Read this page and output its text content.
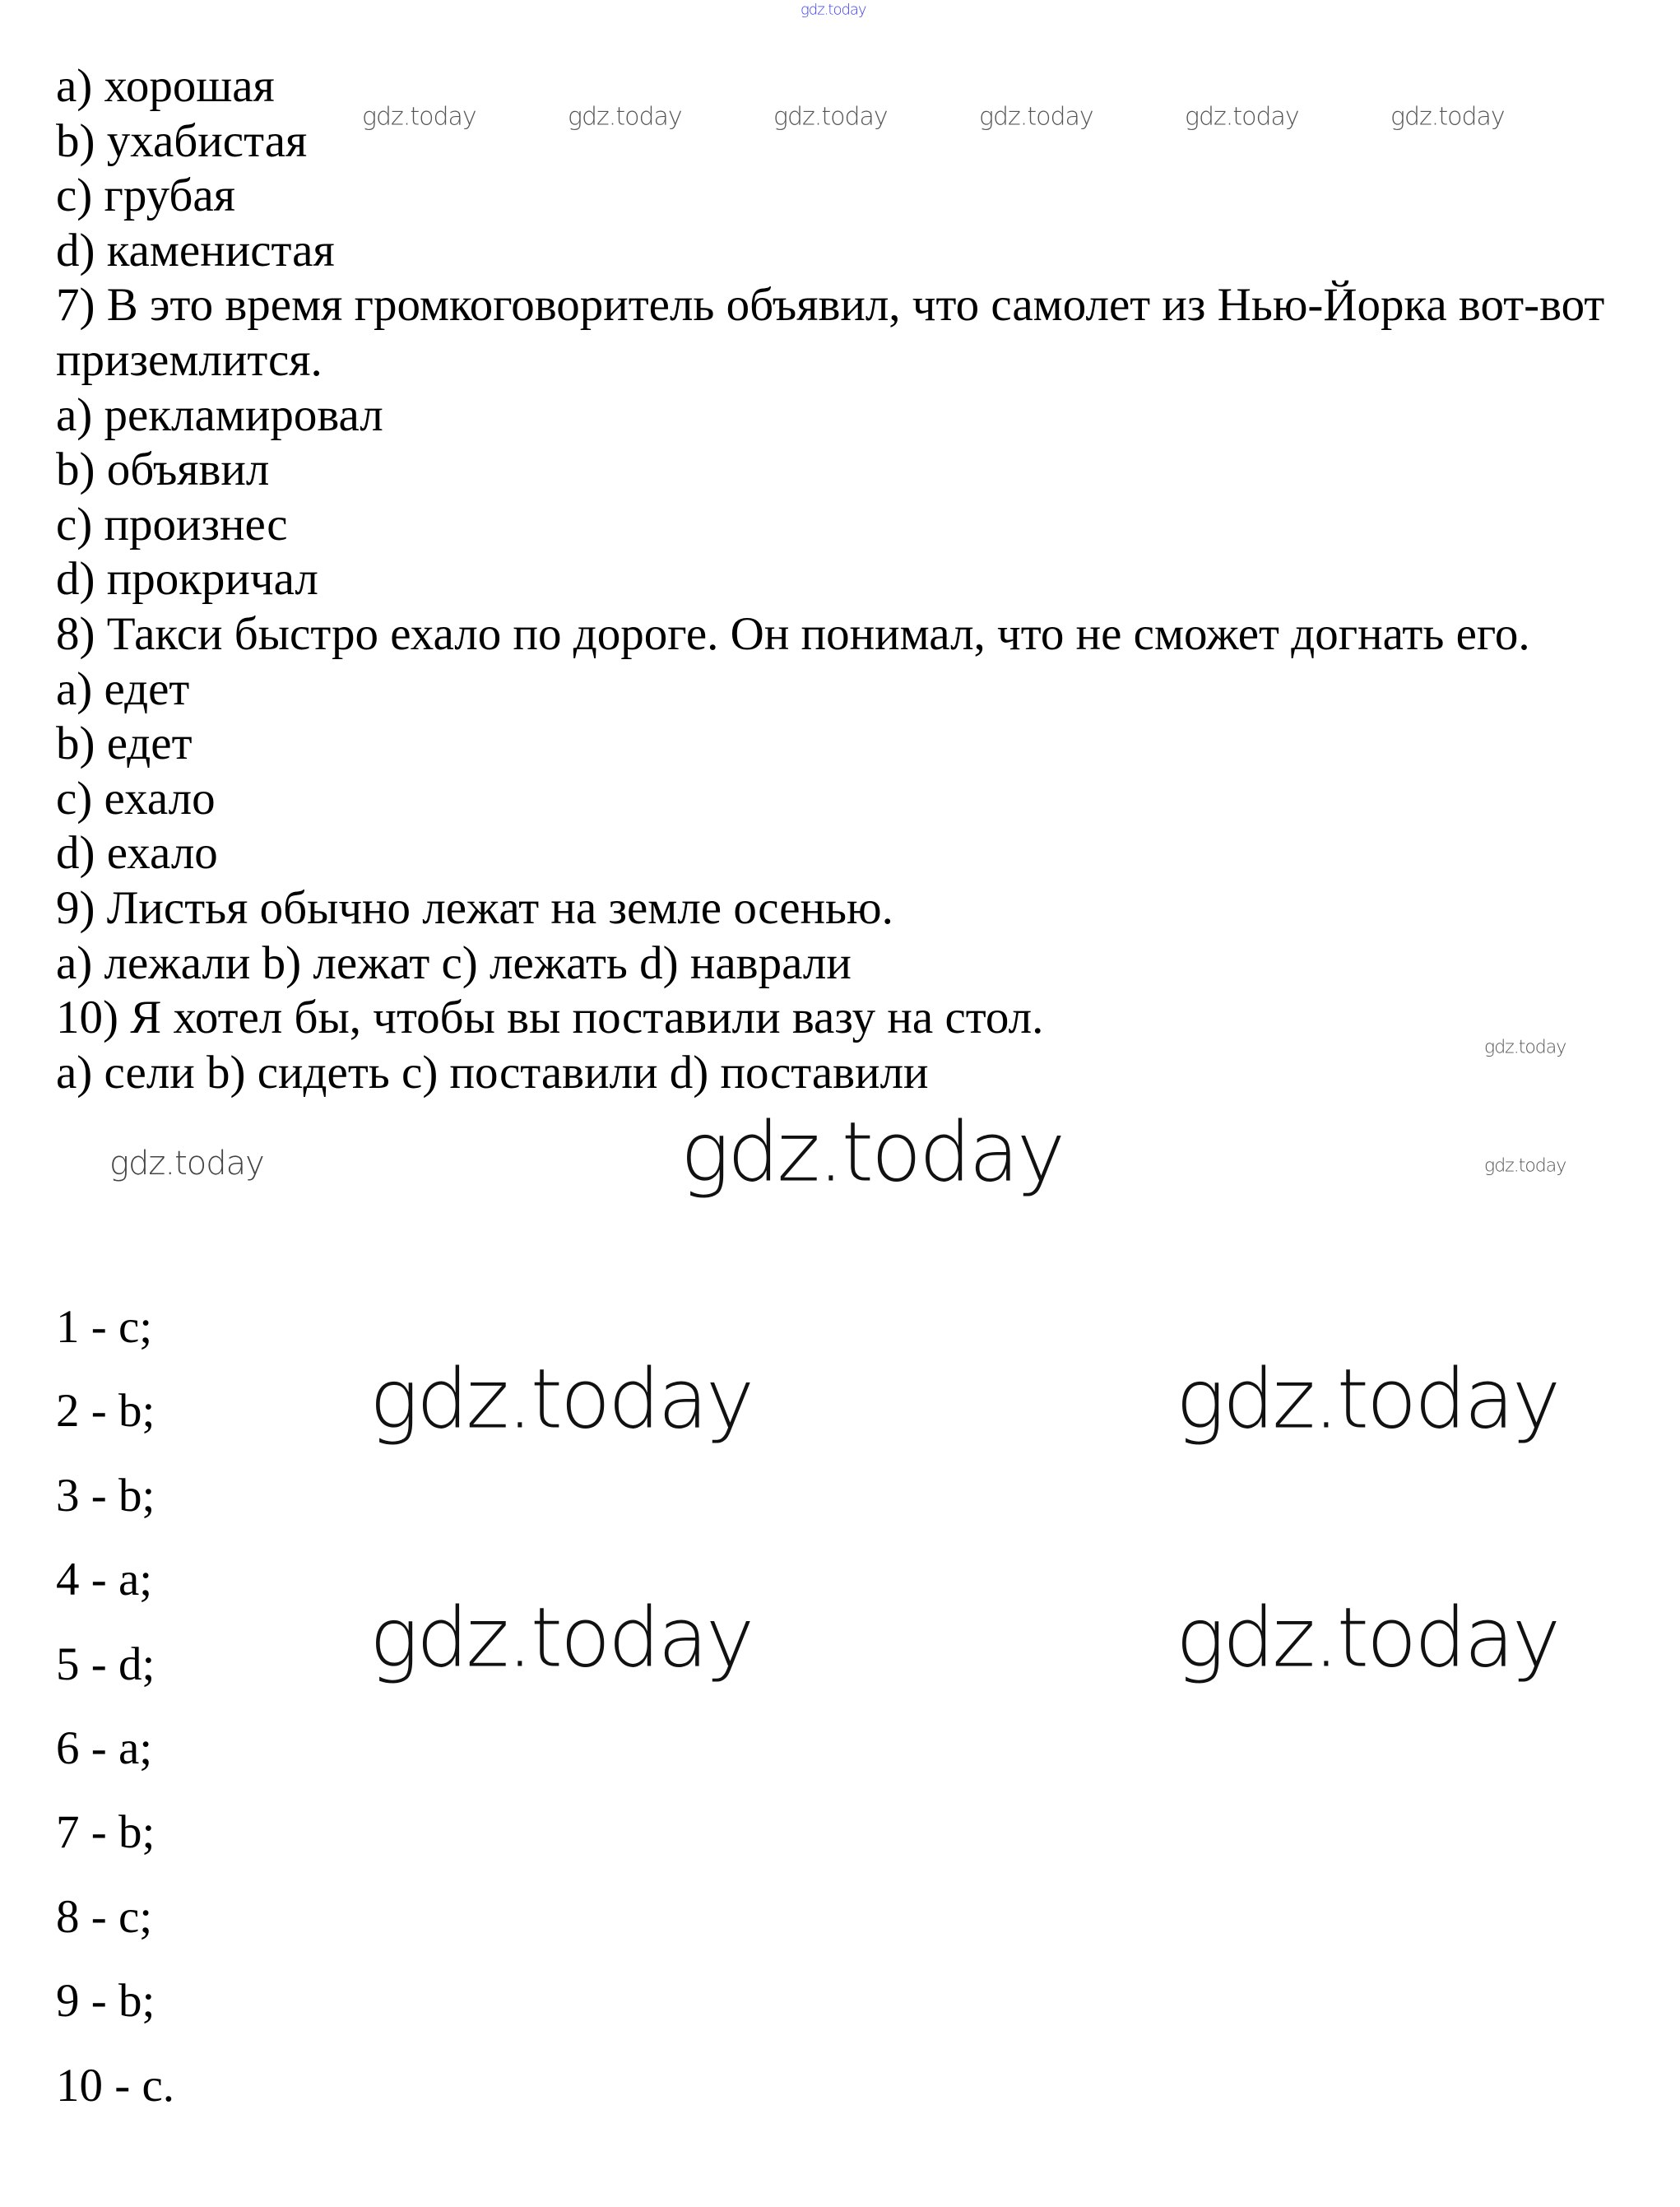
gdz.today
a) хорошая
b) ухабистая
c) грубая
d) каменистая
7) В это время громкоговоритель объявил, что самолет из Нью-Йорка вот-вот
приземлится.
a) рекламировал
b) объявил
c) произнес
d) прокричал
8) Такси быстро ехало по дороге. Он понимал, что не сможет догнать его.
a) едет
b) едет
c) ехало
d) ехало
9) Листья обычно лежат на земле осенью.
a) лежали b) лежат c) лежать d) наврали
10) Я хотел бы, чтобы вы поставили вазу на стол.
a) сели b) сидеть c) поставили d) поставили
1 - c;
2 - b;
3 - b;
4 - a;
5 - d;
6 - a;
7 - b;
8 - c;
9 - b;
10 - c.
gdz.today	gdz.today	gdz.today	gdz.today	gdz.today	gdz.today
gdz.today	gdz.today
gdz.today
gdz.today	gdz.today	gdz.today
gdz.today	gdz.today
